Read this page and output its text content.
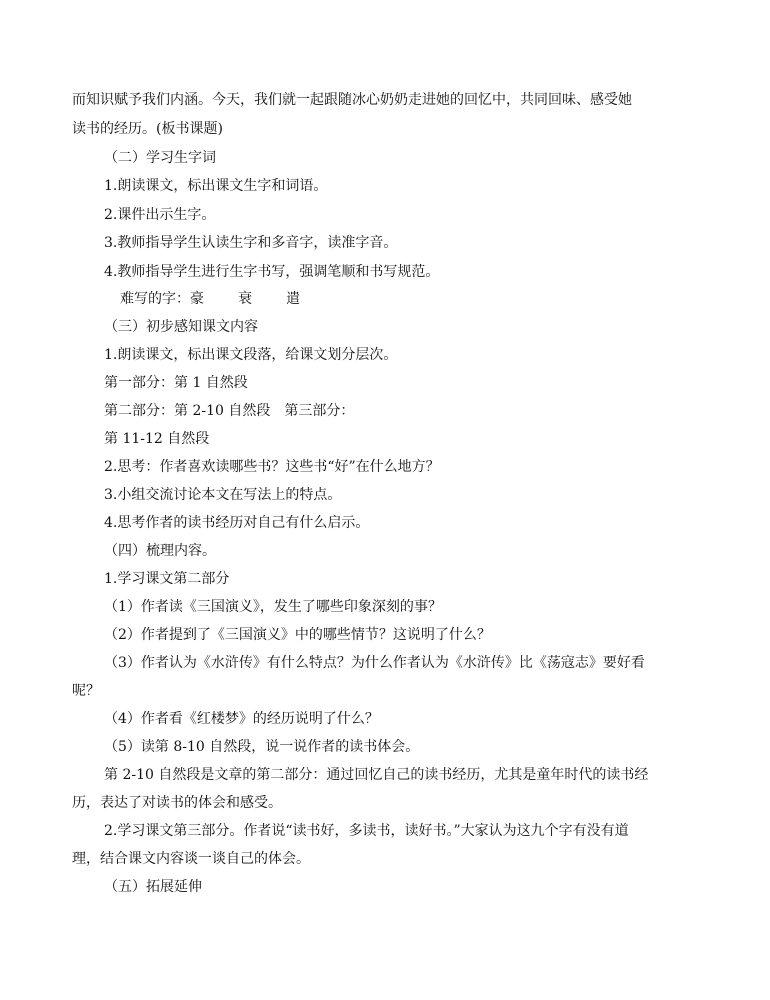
而知识赋予我们内涵。今天，我们就一起跟随冰心奶奶走进她的回忆中，共同回味、感受她

读书的经历。(板书课题)

（二）学习生字词

1.朗读课文，标出课文生字和词语。

2.课件出示生字。

3.教师指导学生认读生字和多音字，读准字音。

4.教师指导学生进行生字书写，强调笔顺和书写规范。

难写的字：豪 衰 遣

（三）初步感知课文内容

1.朗读课文，标出课文段落，给课文划分层次。

第一部分：第 1 自然段

第二部分：第 2-10 自然段　第三部分：

第 11-12 自然段

2.思考：作者喜欢读哪些书？这些书“好”在什么地方？

3.小组交流讨论本文在写法上的特点。

4.思考作者的读书经历对自己有什么启示。

（四）梳理内容。

1.学习课文第二部分

（1）作者读《三国演义》，发生了哪些印象深刻的事？

（2）作者提到了《三国演义》中的哪些情节？这说明了什么？

（3）作者认为《水浒传》有什么特点？为什么作者认为《水浒传》比《荡寇志》要好看

呢？

（4）作者看《红楼梦》的经历说明了什么？

（5）读第 8-10 自然段，说一说作者的读书体会。

第 2-10 自然段是文章的第二部分：通过回忆自己的读书经历，尤其是童年时代的读书经

历，表达了对读书的体会和感受。

2.学习课文第三部分。作者说“读书好，多读书，读好书。”大家认为这九个字有没有道

理，结合课文内容谈一谈自己的体会。

（五）拓展延伸
